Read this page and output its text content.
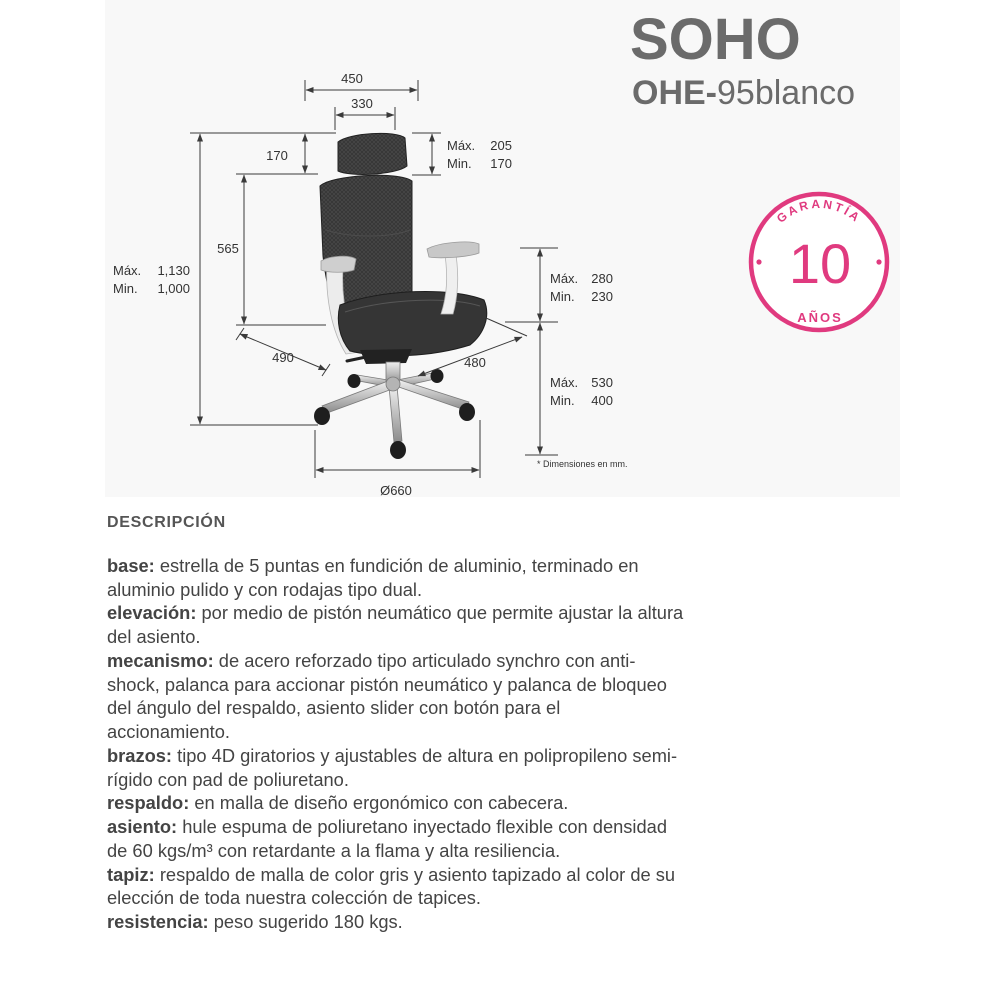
450
330
170
Máx. 205
Min. 170
565
Máx. 1,130
Min. 1,000
Máx. 280
Min. 230
490	480
Máx. 530
Min. 400
* Dimensiones en mm.
Ø660
GARANTÍA
10
AÑOS
SOHO
OHE-95blanco
DESCRIPCIÓN
base: estrella de 5 puntas en fundición de aluminio, terminado en
aluminio pulido y con rodajas tipo dual.
elevación: por medio de pistón neumático que permite ajustar la altura
del asiento.
mecanismo: de acero reforzado tipo articulado synchro con anti-
shock, palanca para accionar pistón neumático y palanca de bloqueo
del ángulo del respaldo, asiento slider con botón para el
accionamiento.
brazos: tipo 4D giratorios y ajustables de altura en polipropileno semi-
rígido con pad de poliuretano.
respaldo: en malla de diseño ergonómico con cabecera.
asiento: hule espuma de poliuretano inyectado flexible con densidad
de 60 kgs/m³ con retardante a la flama y alta resiliencia.
tapiz: respaldo de malla de color gris y asiento tapizado al color de su
elección de toda nuestra colección de tapices.
resistencia: peso sugerido 180 kgs.
